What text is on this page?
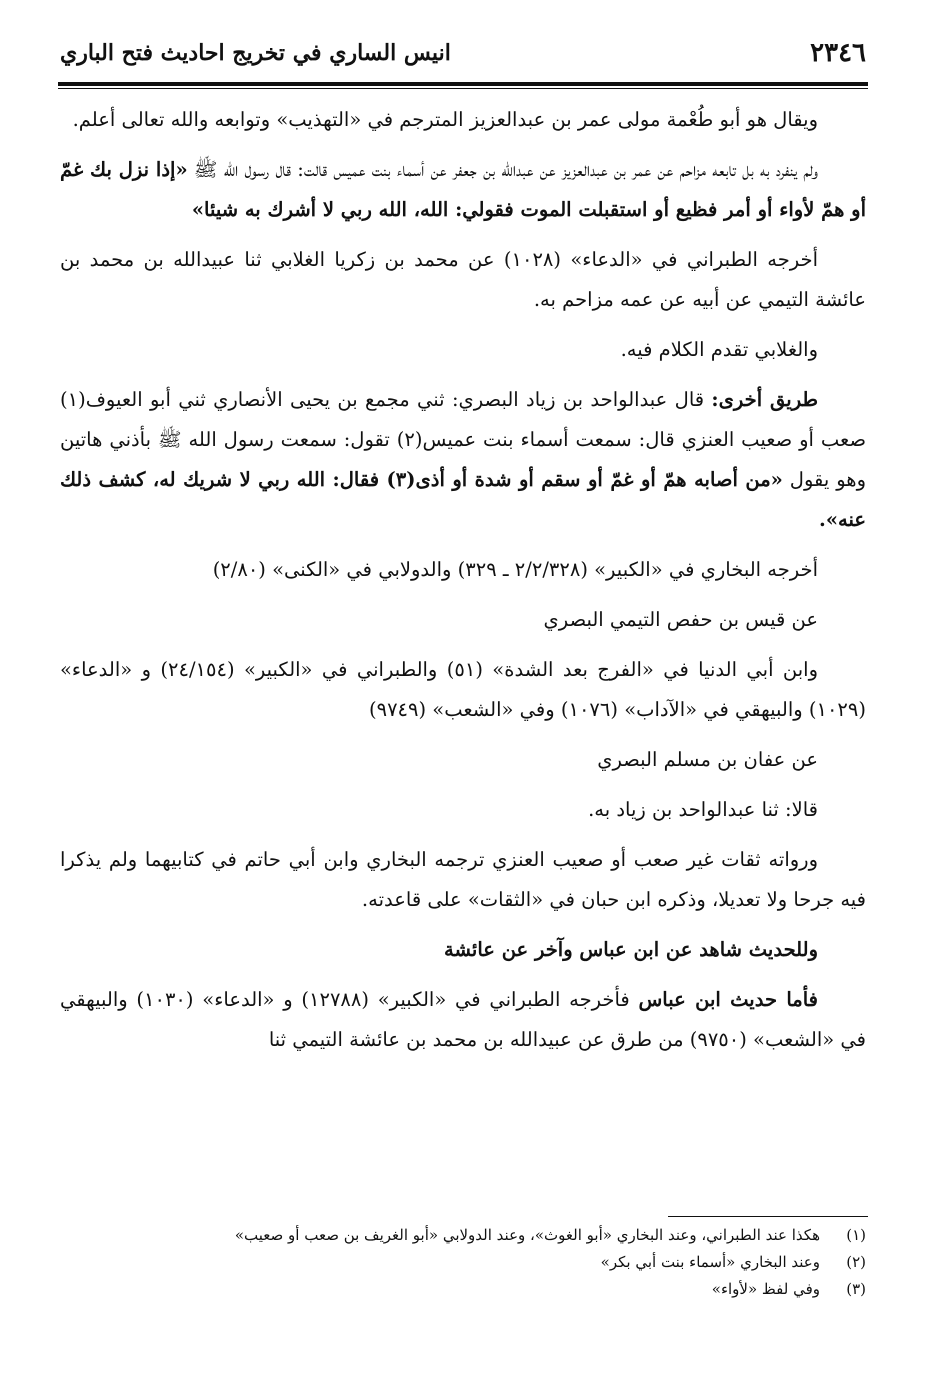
انيس الساري في تخريج احاديث فتح الباري	٢٣٤٦

ويقال هو أبو طُعْمة مولى عمر بن عبدالعزيز المترجم في «التهذيب» وتوابعه والله تعالى أعلم.

ولم ينفرد به بل تابعه مزاحم عن عمر بن عبدالعزيز عن عبدالله بن جعفر عن أسماء بنت عميس قالت: قال رسول الله ﷺ «إذا نزل بك غمّ أو همّ لأواء أو أمر فظيع أو استقبلت الموت فقولي: الله، الله ربي لا أشرك به شيئا»

أخرجه الطبراني في «الدعاء» (١٠٢٨) عن محمد بن زكريا الغلابي ثنا عبيدالله بن محمد بن عائشة التيمي عن أبيه عن عمه مزاحم به.

والغلابي تقدم الكلام فيه.

طريق أخرى: قال عبدالواحد بن زياد البصري: ثني مجمع بن يحيى الأنصاري ثني أبو العيوف(١) صعب أو صعيب العنزي قال: سمعت أسماء بنت عميس(٢) تقول: سمعت رسول الله ﷺ بأذني هاتين وهو يقول «من أصابه همّ أو غمّ أو سقم أو شدة أو أذى(٣) فقال: الله ربي لا شريك له، كشف ذلك عنه».

أخرجه البخاري في «الكبير» (٢/٢/٣٢٨ ـ ٣٢٩) والدولابي في «الكنى» (٢/٨٠)

عن قيس بن حفص التيمي البصري

وابن أبي الدنيا في «الفرج بعد الشدة» (٥١) والطبراني في «الكبير» (٢٤/١٥٤) و «الدعاء» (١٠٢٩) والبيهقي في «الآداب» (١٠٧٦) وفي «الشعب» (٩٧٤٩)

عن عفان بن مسلم البصري

قالا: ثنا عبدالواحد بن زياد به.

ورواته ثقات غير صعب أو صعيب العنزي ترجمه البخاري وابن أبي حاتم في كتابيهما ولم يذكرا فيه جرحا ولا تعديلا، وذكره ابن حبان في «الثقات» على قاعدته.

وللحديث شاهد عن ابن عباس وآخر عن عائشة

فأما حديث ابن عباس فأخرجه الطبراني في «الكبير» (١٢٧٨٨) و «الدعاء» (١٠٣٠) والبيهقي في «الشعب» (٩٧٥٠) من طرق عن عبيدالله بن محمد بن عائشة التيمي ثنا

(١)هكذا عند الطبراني، وعند البخاري «أبو الغوث»، وعند الدولابي «أبو الغريف بن صعب أو صعيب»
(٢)وعند البخاري «أسماء بنت أبي بكر»
(٣)وفي لفظ «لأواء»
